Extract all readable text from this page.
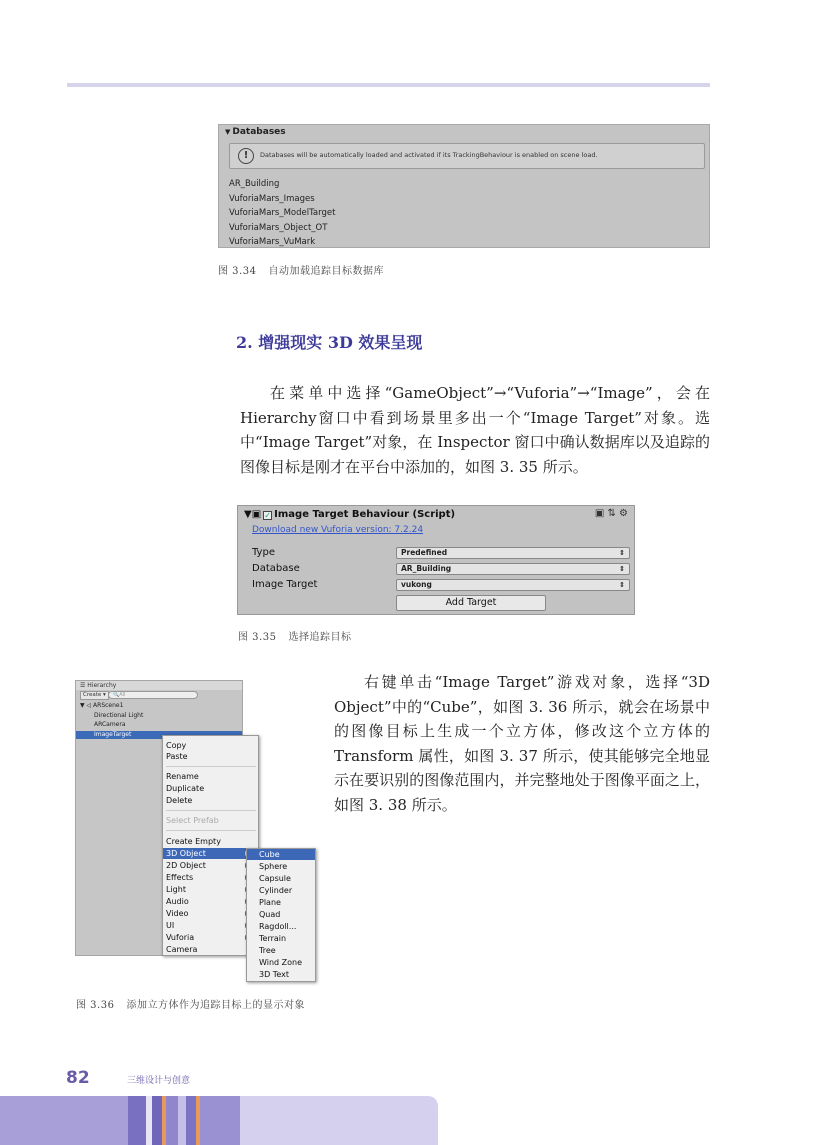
▼ Databases
!	Databases will be automatically loaded and activated if its TrackingBehaviour is enabled on scene load.
AR_Building
VuforiaMars_Images
VuforiaMars_ModelTarget
VuforiaMars_Object_OT
VuforiaMars_VuMark
图 3.34 自动加载追踪目标数据库
2. 增强现实 3D 效果呈现

在菜单中选择“GameObject”→“Vuforia”→“Image”，会在Hierarchy窗口中看到场景里多出一个“Image Target”对象。选中“Image Target”对象，在 Inspector 窗口中确认数据库以及追踪的图像目标是刚才在平台中添加的，如图 3. 35 所示。

▼▣ ✓ Image Target Behaviour (Script)	▣ ⇅ ⚙
Download new Vuforia version: 7.2.24
Type	Predefined	⇕
Database	AR_Building	⇕
Image Target	vukong	⇕
Add Target
图 3.35 选择追踪目标

右键单击“Image Target”游戏对象，选择“3D Object”中的“Cube”，如图 3. 36 所示，就会在场景中的图像目标上生成一个立方体，修改这个立方体的Transform 属性，如图 3. 37 所示，使其能够完全地显示在要识别的图像范围内，并完整地处于图像平面之上，如图 3. 38 所示。

☰ Hierarchy
Create ▾	🔍All
▼ ◁ ARScene1
Directional Light
ARCamera
ImageTarget
Copy
Paste
Rename
Duplicate
Delete
Select Prefab
Create Empty
3D Object
2D Object
Effects
Light
Audio
Video
UI
Vuforia
Camera
Cube
Sphere
Capsule
Cylinder
Plane
Quad
Ragdoll...
Terrain
Tree
Wind Zone
3D Text
图 3.36 添加立方体作为追踪目标上的显示对象
82	三维设计与创意
